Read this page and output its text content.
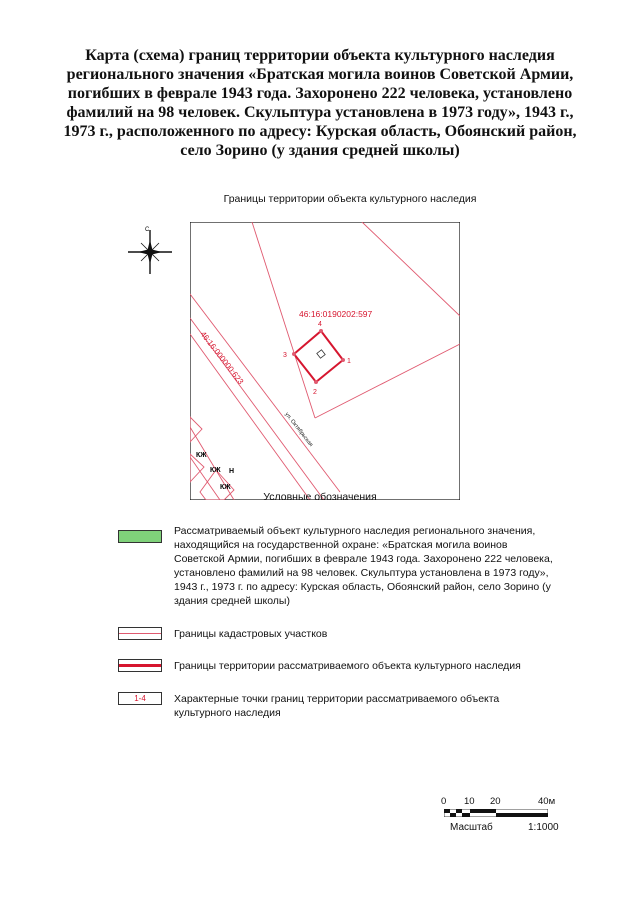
Карта (схема) границ территории объекта культурного наследия регионального значения «Братская могила воинов Советской Армии, погибших в феврале 1943 года. Захоронено 222 человека, установлено фамилий на 98 человек. Скульптура установлена в 1973 году», 1943 г., 1973 г., расположенного по адресу: Курская область, Обоянский район, село Зорино (у здания средней школы)
Границы территории объекта культурного наследия
С
КЖ
КЖ Н
КЖ
46:16:0190202:597
46:16:000000:623
ул. Октябрьская
1
2
3
4
Условные обозначения
Рассматриваемый объект культурного наследия регионального значения, находящийся на государственной охране: «Братская могила воинов Советской Армии, погибших в феврале 1943 года. Захоронено 222 человека, установлено фамилий на 98 человек. Скульптура установлена в 1973 году», 1943 г., 1973 г. по адресу: Курская область, Обоянский район, село Зорино (у здания средней школы)
Границы кадастровых участков
Границы территории рассматриваемого объекта культурного наследия
1-4	Характерные точки границ территории рассматриваемого объекта культурного наследия
0 10 20	40м
Масштаб	1:1000
